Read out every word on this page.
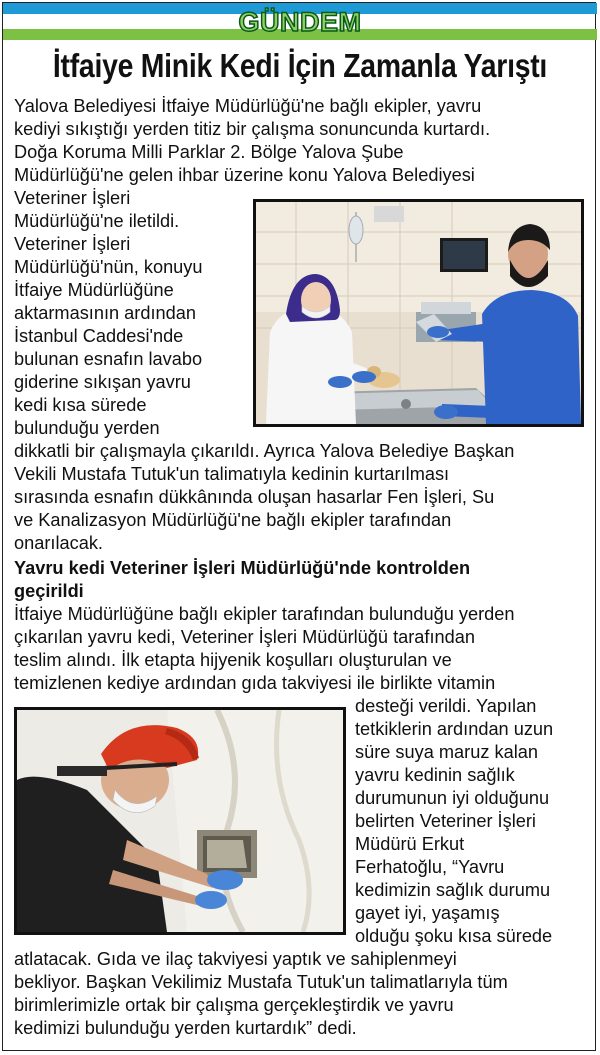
GÜNDEM
İtfaiye Minik Kedi İçin Zamanla Yarıştı
Yalova Belediyesi İtfaiye Müdürlüğü'ne bağlı ekipler, yavru
kediyi sıkıştığı yerden titiz bir çalışma sonuncunda kurtardı.
Doğa Koruma Milli Parklar 2. Bölge Yalova Şube
Müdürlüğü'ne gelen ihbar üzerine konu Yalova Belediyesi
Veteriner İşleri
Müdürlüğü'ne iletildi.
Veteriner İşleri
Müdürlüğü'nün, konuyu
İtfaiye Müdürlüğüne
aktarmasının ardından
İstanbul Caddesi'nde
bulunan esnafın lavabo
giderine sıkışan yavru
kedi kısa sürede
bulunduğu yerden
dikkatli bir çalışmayla çıkarıldı. Ayrıca Yalova Belediye Başkan
Vekili Mustafa Tutuk'un talimatıyla kedinin kurtarılması
sırasında esnafın dükkânında oluşan hasarlar Fen İşleri, Su
ve Kanalizasyon Müdürlüğü'ne bağlı ekipler tarafından
onarılacak.
Yavru kedi Veteriner İşleri Müdürlüğü'nde kontrolden
geçirildi
İtfaiye Müdürlüğüne bağlı ekipler tarafından bulunduğu yerden
çıkarılan yavru kedi, Veteriner İşleri Müdürlüğü tarafından
teslim alındı. İlk etapta hijyenik koşulları oluşturulan ve
temizlenen kediye ardından gıda takviyesi ile birlikte vitamin
desteği verildi. Yapılan
tetkiklerin ardından uzun
süre suya maruz kalan
yavru kedinin sağlık
durumunun iyi olduğunu
belirten Veteriner İşleri
Müdürü Erkut
Ferhatoğlu, “Yavru
kedimizin sağlık durumu
gayet iyi, yaşamış
olduğu şoku kısa sürede
atlatacak. Gıda ve ilaç takviyesi yaptık ve sahiplenmeyi
bekliyor. Başkan Vekilimiz Mustafa Tutuk'un talimatlarıyla tüm
birimlerimizle ortak bir çalışma gerçekleştirdik ve yavru
kedimizi bulunduğu yerden kurtardık” dedi.
